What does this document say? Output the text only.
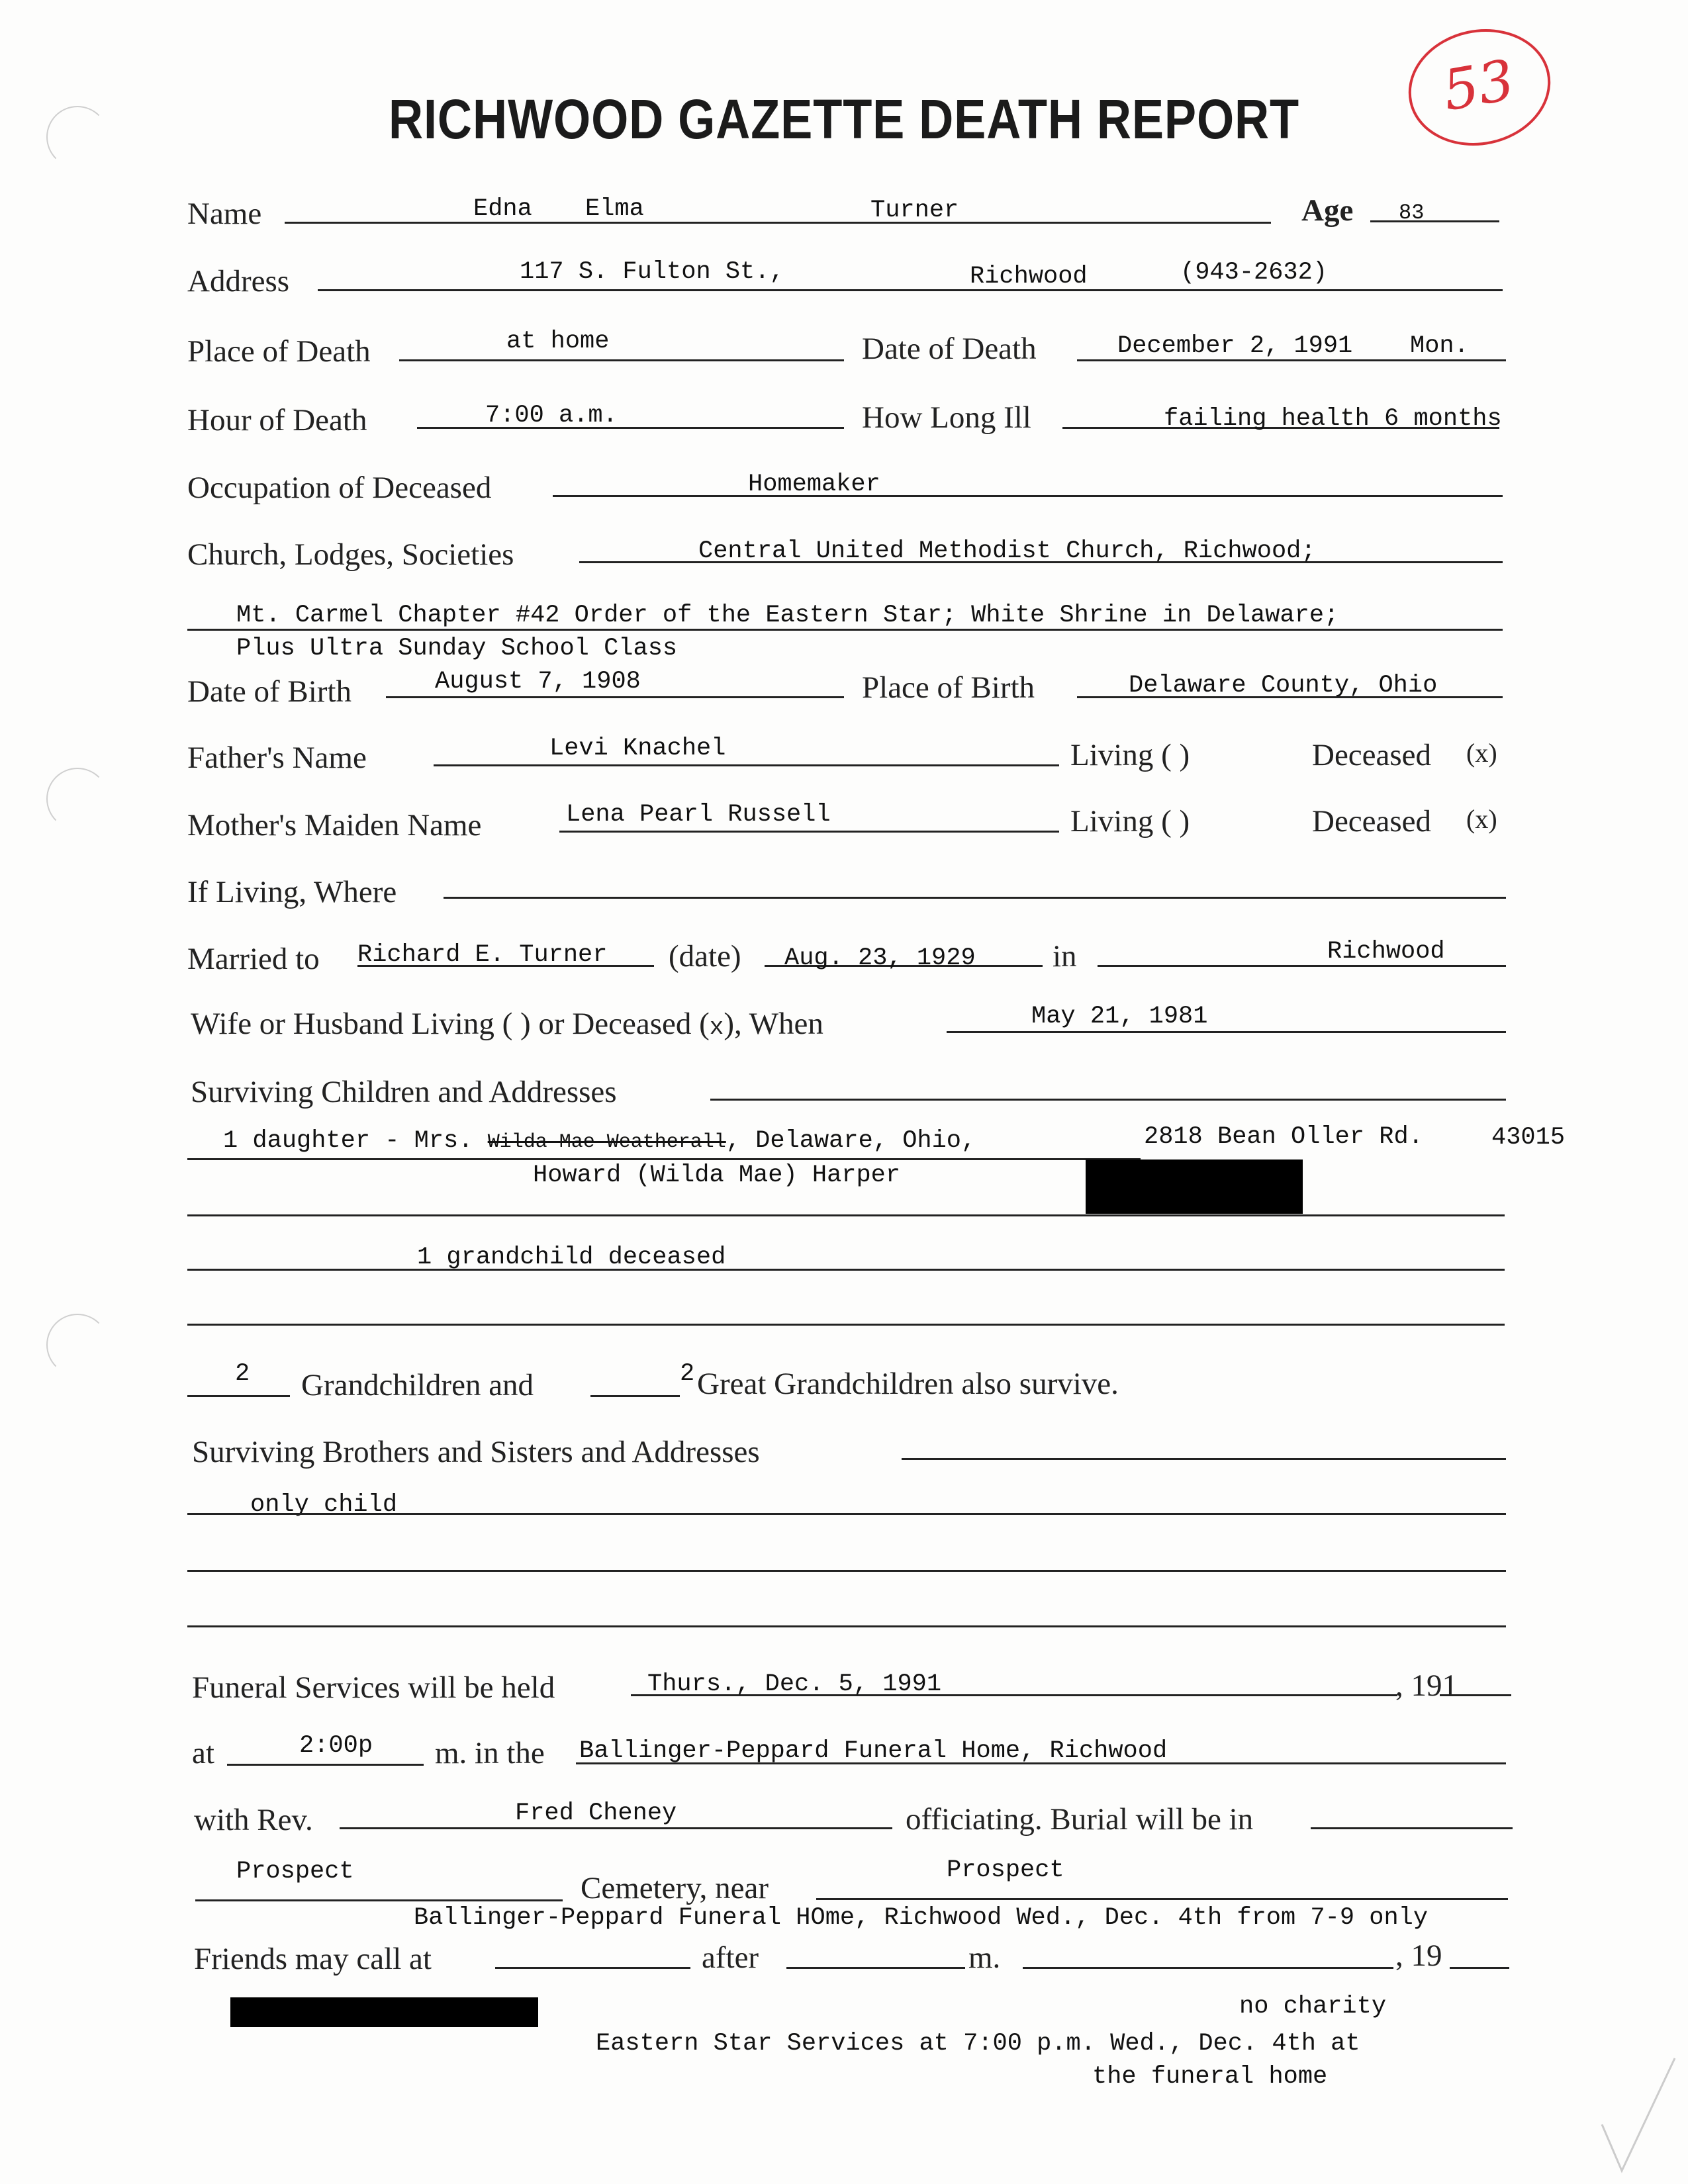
53
RICHWOOD GAZETTE DEATH REPORT
Name	Edna Elma	Turner	Age 83
Address	117 S. Fulton St.,	Richwood	(943-2632)
Place of Death	at home	Date of Death	December 2, 1991 Mon.
Hour of Death	7:00 a.m.	How Long Ill	failing health 6 months
Occupation of Deceased	Homemaker
Church, Lodges, Societies	Central United Methodist Church, Richwood;
Mt. Carmel Chapter #42 Order of the Eastern Star; White Shrine in Delaware;
Plus Ultra Sunday School Class
Date of Birth	August 7, 1908	Place of Birth	Delaware County, Ohio
Father's Name	Levi Knachel	Living ( )	Deceased (x)
Mother's Maiden Name	Lena Pearl Russell	Living ( )	Deceased (x)
If Living, Where
Married to Richard E. Turner (date) Aug. 23, 1929 in	Richwood
Wife or Husband Living ( ) or Deceased (x), When	May 21, 1981
Surviving Children and Addresses
1 daughter - Mrs. Wilda Mae Weatherall, Delaware, Ohio,	2818 Bean Oller Rd.	43015
Howard (Wilda Mae) Harper
1 grandchild deceased
2 Grandchildren and	2 Great Grandchildren also survive.
Surviving Brothers and Sisters and Addresses
only child
Funeral Services will be held	Thurs., Dec. 5, 1991	, 191
at	2:00p m. in the Ballinger-Peppard Funeral Home, Richwood
with Rev.	Fred Cheney	officiating. Burial will be in
Prospect	Cemetery, near
Prospect
Ballinger-Peppard Funeral HOme, Richwood Wed., Dec. 4th from 7-9 only
Friends may call at	after	m.	, 19
no charity
Eastern Star Services at 7:00 p.m. Wed., Dec. 4th at
the funeral home
